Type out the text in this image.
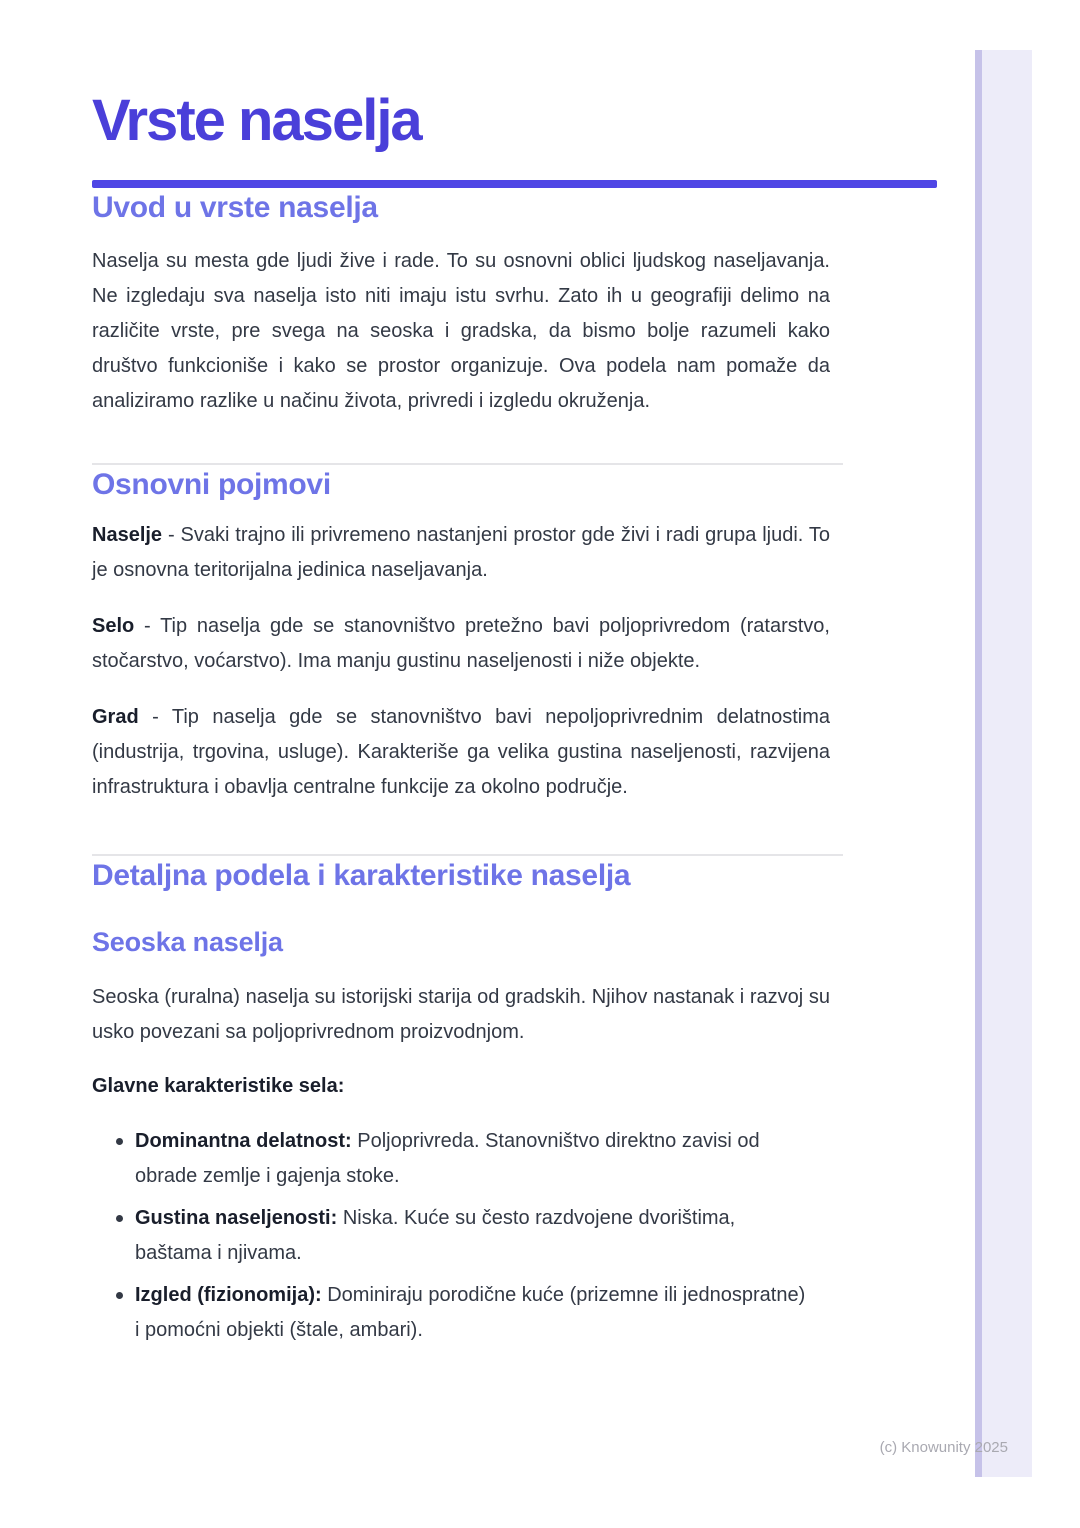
(c) Knowunity 2025
Vrste naselja
Uvod u vrste naselja

Naselja su mesta gde ljudi žive i rade. To su osnovni oblici ljudskog naseljavanja. Ne izgledaju sva naselja isto niti imaju istu svrhu. Zato ih u geografiji delimo na različite vrste, pre svega na seoska i gradska, da bismo bolje razumeli kako društvo funkcioniše i kako se prostor organizuje. Ova podela nam pomaže da analiziramo razlike u načinu života, privredi i izgledu okruženja.

Osnovni pojmovi

Naselje - Svaki trajno ili privremeno nastanjeni prostor gde živi i radi grupa ljudi. To je osnovna teritorijalna jedinica naseljavanja.

Selo - Tip naselja gde se stanovništvo pretežno bavi poljoprivredom (ratarstvo, stočarstvo, voćarstvo). Ima manju gustinu naseljenosti i niže objekte.

Grad - Tip naselja gde se stanovništvo bavi nepoljoprivrednim delatnostima (industrija, trgovina, usluge). Karakteriše ga velika gustina naseljenosti, razvijena infrastruktura i obavlja centralne funkcije za okolno područje.

Detaljna podela i karakteristike naselja
Seoska naselja

Seoska (ruralna) naselja su istorijski starija od gradskih. Njihov nastanak i razvoj su usko povezani sa poljoprivrednom proizvodnjom.

Glavne karakteristike sela:

Dominantna delatnost: Poljoprivreda. Stanovništvo direktno zavisi od obrade zemlje i gajenja stoke.
Gustina naseljenosti: Niska. Kuće su često razdvojene dvorištima, baštama i njivama.
Izgled (fizionomija): Dominiraju porodične kuće (prizemne ili jednospratne) i pomoćni objekti (štale, ambari).
